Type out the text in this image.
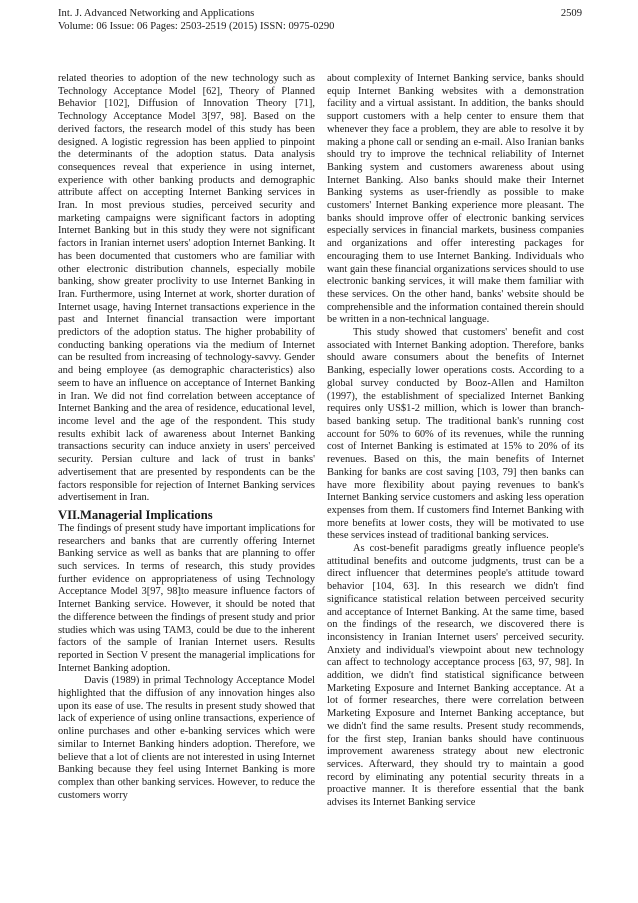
Int. J. Advanced Networking and Applications

Volume: 06 Issue: 06 Pages: 2503-2519 (2015) ISSN: 0975-0290

2509

related theories to adoption of the new technology such as Technology Acceptance Model [62], Theory of Planned Behavior [102], Diffusion of Innovation Theory [71], Technology Acceptance Model 3[97, 98]. Based on the derived factors, the research model of this study has been designed. A logistic regression has been applied to pinpoint the determinants of the adoption status. Data analysis consequences reveal that experience in using internet, experience with other banking products and demographic attribute affect on accepting Internet Banking services in Iran. In most previous studies, perceived security and marketing campaigns were significant factors in adopting Internet Banking but in this study they were not significant factors in Iranian internet users' adoption Internet Banking. It has been documented that customers who are familiar with other electronic distribution channels, especially mobile banking, show greater proclivity to use Internet Banking in Iran. Furthermore, using Internet at work, shorter duration of Internet usage, having Internet transactions experience in the past and Internet financial transaction were important predictors of the adoption status. The higher probability of conducting banking operations via the medium of Internet can be resulted from increasing of technology-savvy. Gender and being employee (as demographic characteristics) also seem to have an influence on acceptance of Internet Banking in Iran. We did not find correlation between acceptance of Internet Banking and the area of residence, educational level, income level and the age of the respondent. This study results exhibit lack of awareness about Internet Banking transactions security can induce anxiety in users' perceived security. Persian culture and lack of trust in banks' advertisement that are presented by respondents can be the factors responsible for rejection of Internet Banking services advertisement in Iran.

VII.Managerial Implications

The findings of present study have important implications for researchers and banks that are currently offering Internet Banking service as well as banks that are planning to offer such services. In terms of research, this study provides further evidence on appropriateness of using Technology Acceptance Model 3[97, 98]to measure influence factors of Internet Banking service. However, it should be noted that the difference between the findings of present study and prior studies which was using TAM3, could be due to the inherent factors of the sample of Iranian Internet users. Results reported in Section V present the managerial implications for Internet Banking adoption.

Davis (1989) in primal Technology Acceptance Model highlighted that the diffusion of any innovation hinges also upon its ease of use. The results in present study showed that lack of experience of using online transactions, experience of online purchases and other e-banking services which were similar to Internet Banking hinders adoption. Therefore, we believe that a lot of clients are not interested in using Internet Banking because they feel using Internet Banking is more complex than other banking services. However, to reduce the customers worry

about complexity of Internet Banking service, banks should equip Internet Banking websites with a demonstration facility and a virtual assistant. In addition, the banks should support customers with a help center to ensure them that whenever they face a problem, they are able to resolve it by making a phone call or sending an e-mail. Also Iranian banks should try to improve the technical reliability of Internet Banking system and customers awareness about using Internet Banking. Also banks should make their Internet Banking systems as user-friendly as possible to make customers' Internet Banking experience more pleasant. The banks should improve offer of electronic banking services especially services in financial markets, business companies and organizations and offer interesting packages for encouraging them to use Internet Banking. Individuals who want gain these financial organizations services should to use electronic banking services, it will make them familiar with these services. On the other hand, banks' website should be comprehensible and the information contained therein should be written in a non-technical language.

This study showed that customers' benefit and cost associated with Internet Banking adoption. Therefore, banks should aware consumers about the benefits of Internet Banking, especially lower operations costs. According to a global survey conducted by Booz-Allen and Hamilton (1997), the establishment of specialized Internet Banking requires only US$1-2 million, which is lower than branch-based banking setup. The traditional bank's running cost account for 50% to 60% of its revenues, while the running cost of Internet Banking is estimated at 15% to 20% of its revenues. Based on this, the main benefits of Internet Banking for banks are cost saving [103, 79] then banks can have more flexibility about paying revenues to bank's Internet Banking service customers and asking less operation expenses from them. If customers find Internet Banking with more benefits at lower costs, they will be motivated to use these services instead of traditional banking services.

As cost-benefit paradigms greatly influence people's attitudinal benefits and outcome judgments, trust can be a direct influencer that determines people's attitude toward behavior [104, 63]. In this research we didn't find significance statistical relation between perceived security and acceptance of Internet Banking. At the same time, based on the findings of the research, we discovered there is inconsistency in Iranian Internet users' perceived security. Anxiety and individual's viewpoint about new technology can affect to technology acceptance process [63, 97, 98]. In addition, we didn't find statistical significance between Marketing Exposure and Internet Banking acceptance. At a lot of former researches, there were correlation between Marketing Exposure and Internet Banking acceptance, but we didn't find the same results. Present study recommends, for the first step, Iranian banks should have continuous improvement awareness strategy about new electronic services. Afterward, they should try to maintain a good record by eliminating any potential security threats in a proactive manner. It is therefore essential that the bank advises its Internet Banking service
